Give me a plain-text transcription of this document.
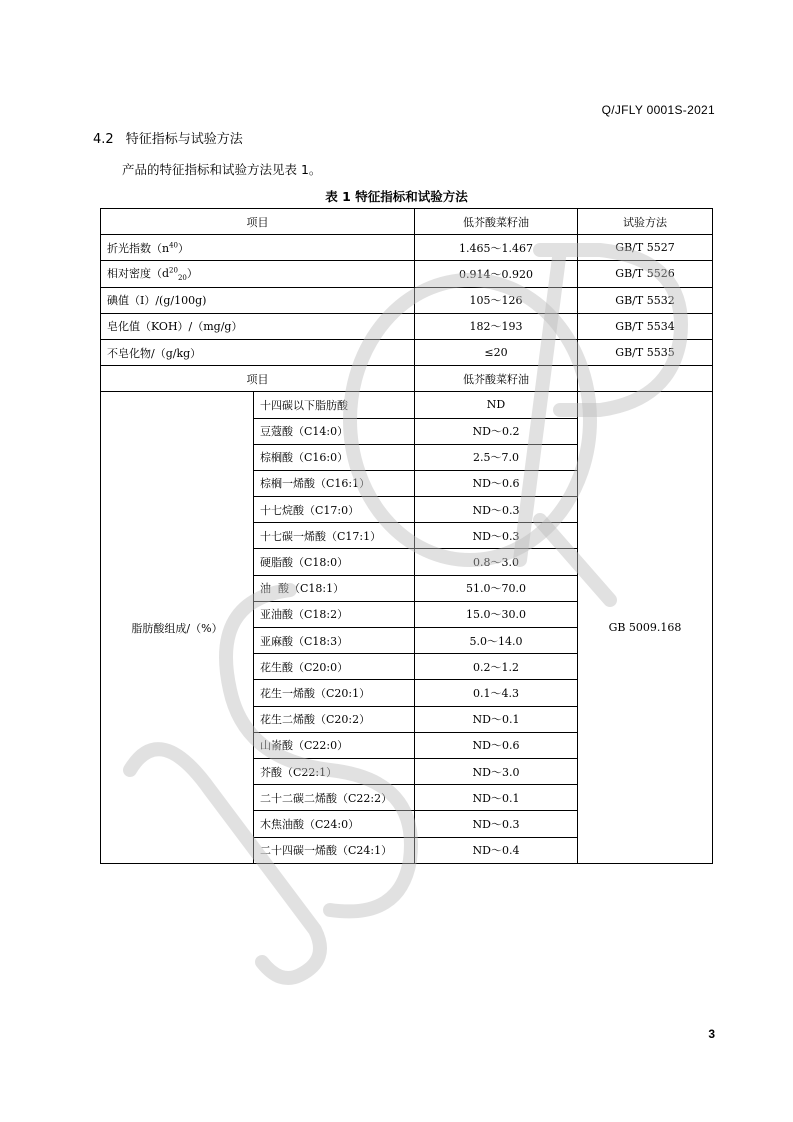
Q/JFLY 0001S-2021
4.2 特征指标与试验方法
产品的特征指标和试验方法见表 1。
表 1 特征指标和试验方法
项目		低芥酸菜籽油	试验方法
折光指数$(n^{40})$		1.465～1.467	GB/T 5527
相对密度$(d^{20}_{20})$		0.914～0.920	GB/T 5526
碘值（I）/(g/100g)		105～126	GB/T 5532
皂化值（KOH）/（mg/g）		182～193	GB/T 5534
不皂化物/（g/kg）		≤20	GB/T 5535
项目		低芥酸菜籽油	
脂肪酸组成/（%）	十四碳以下脂肪酸	ND	GB 5009.168
	豆蔻酸（C14:0）	ND～0.2	
	棕榈酸（C16:0）	2.5～7.0	
	棕榈一烯酸（C16:1）	ND～0.6	
	十七烷酸（C17:0）	ND～0.3	
	十七碳一烯酸（C17:1）	ND～0.3	
	硬脂酸（C18:0）	0.8～3.0	
	油  酸（C18:1）	51.0～70.0	
	亚油酸（C18:2）	15.0～30.0	
	亚麻酸（C18:3）	5.0～14.0	
	花生酸（C20:0）	0.2～1.2	
	花生一烯酸（C20:1）	0.1～4.3	
	花生二烯酸（C20:2）	ND～0.1	
	山嵛酸（C22:0）	ND～0.6	
	芥酸（C22:1）	ND～3.0	
	二十二碳二烯酸（C22:2）	ND～0.1	
	木焦油酸（C24:0）	ND～0.3	
	二十四碳一烯酸（C24:1）	ND～0.4	
3
